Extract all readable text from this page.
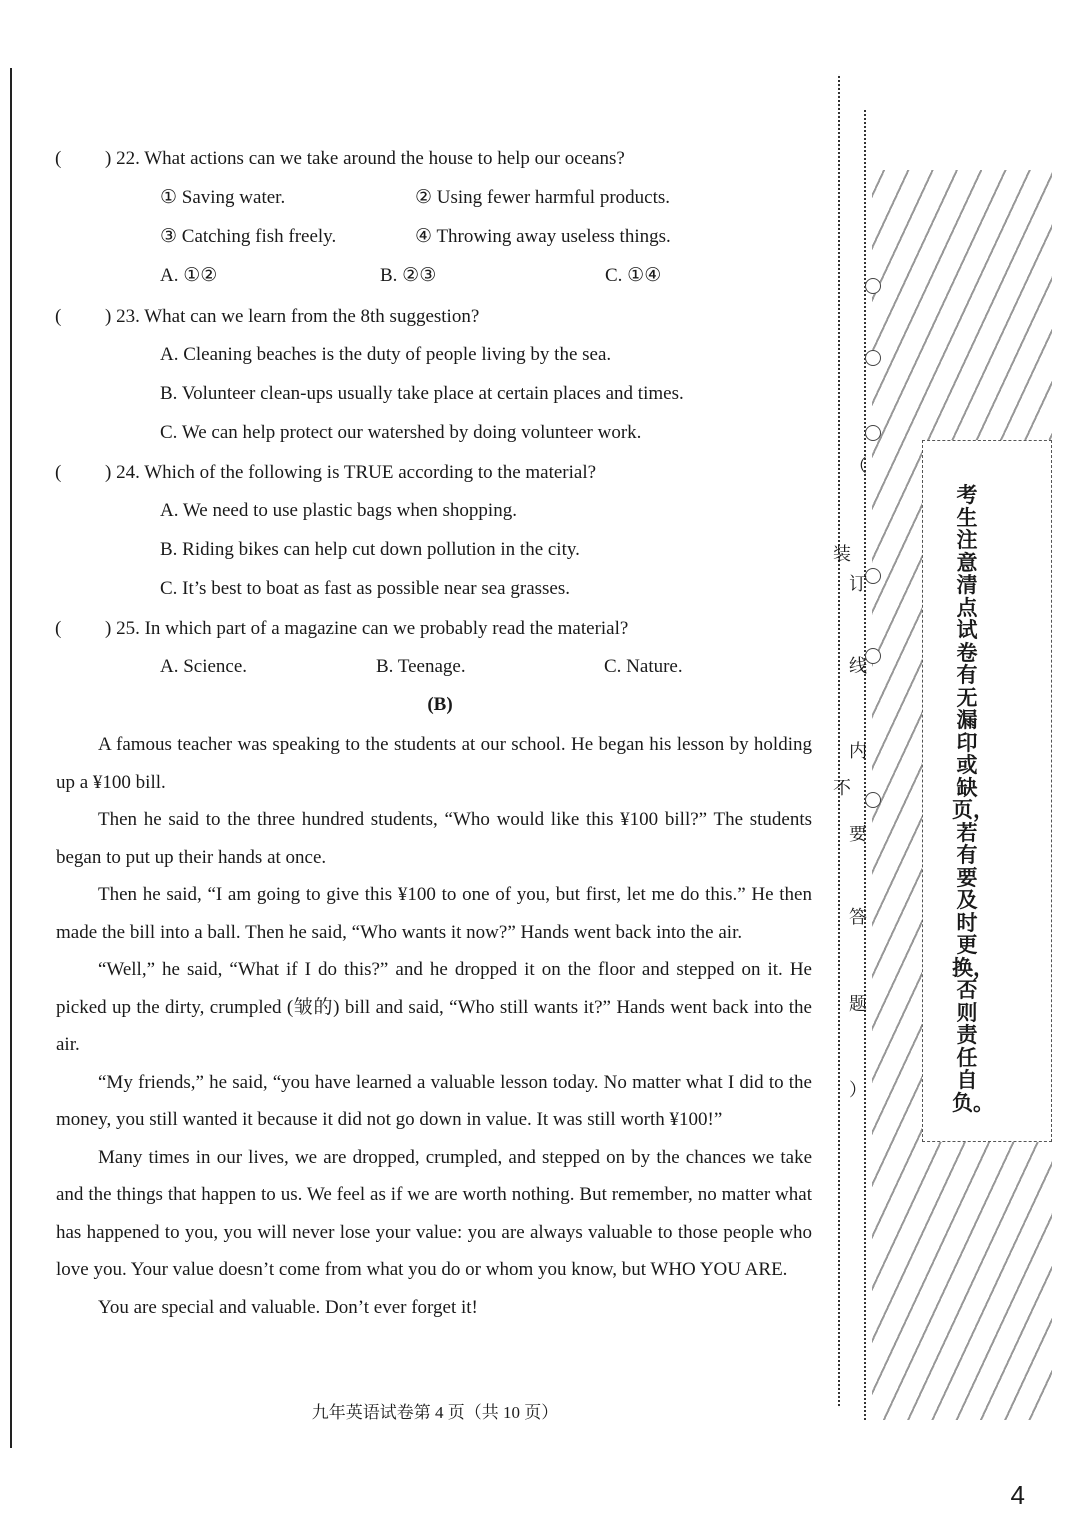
( ) 22. What actions can we take around the house to help our oceans?
① Saving water.	② Using fewer harmful products.
③ Catching fish freely.	④ Throwing away useless things.
A. ①②	B. ②③	C. ①④
( ) 23. What can we learn from the 8th suggestion?
A. Cleaning beaches is the duty of people living by the sea.
B. Volunteer clean-ups usually take place at certain places and times.
C. We can help protect our watershed by doing volunteer work.
( ) 24. Which of the following is TRUE according to the material?
A. We need to use plastic bags when shopping.
B. Riding bikes can help cut down pollution in the city.
C. It’s best to boat as fast as possible near sea grasses.
( ) 25. In which part of a magazine can we probably read the material?
A. Science.	B. Teenage.	C. Nature.
(B)

A famous teacher was speaking to the students at our school. He began his lesson by holding up a ¥100 bill.

Then he said to the three hundred students, “Who would like this ¥100 bill?” The students began to put up their hands at once.

Then he said, “I am going to give this ¥100 to one of you, but first, let me do this.” He then made the bill into a ball. Then he said, “Who wants it now?” Hands went back into the air.

“Well,” he said, “What if I do this?” and he dropped it on the floor and stepped on it. He picked up the dirty, crumpled (皱的) bill and said, “Who still wants it?” Hands went back into the air.

“My friends,” he said, “you have learned a valuable lesson today. No matter what I did to the money, you still wanted it because it did not go down in value. It was still worth ¥100!”

Many times in our lives, we are dropped, crumpled, and stepped on by the chances we take and the things that happen to us. We feel as if we are worth nothing. But remember, no matter what has happened to you, you will never lose your value: you are always valuable to those people who love you. Your value doesn’t come from what you do or whom you know, but WHO YOU ARE.

You are special and valuable. Don’t ever forget it!

九年英语试卷第 4 页（共 10 页）
4
考生注意清点试卷有无漏印或缺页，若有要及时更换，否则责任自负。
（
装
订
线
内
不
要
答
题
）
